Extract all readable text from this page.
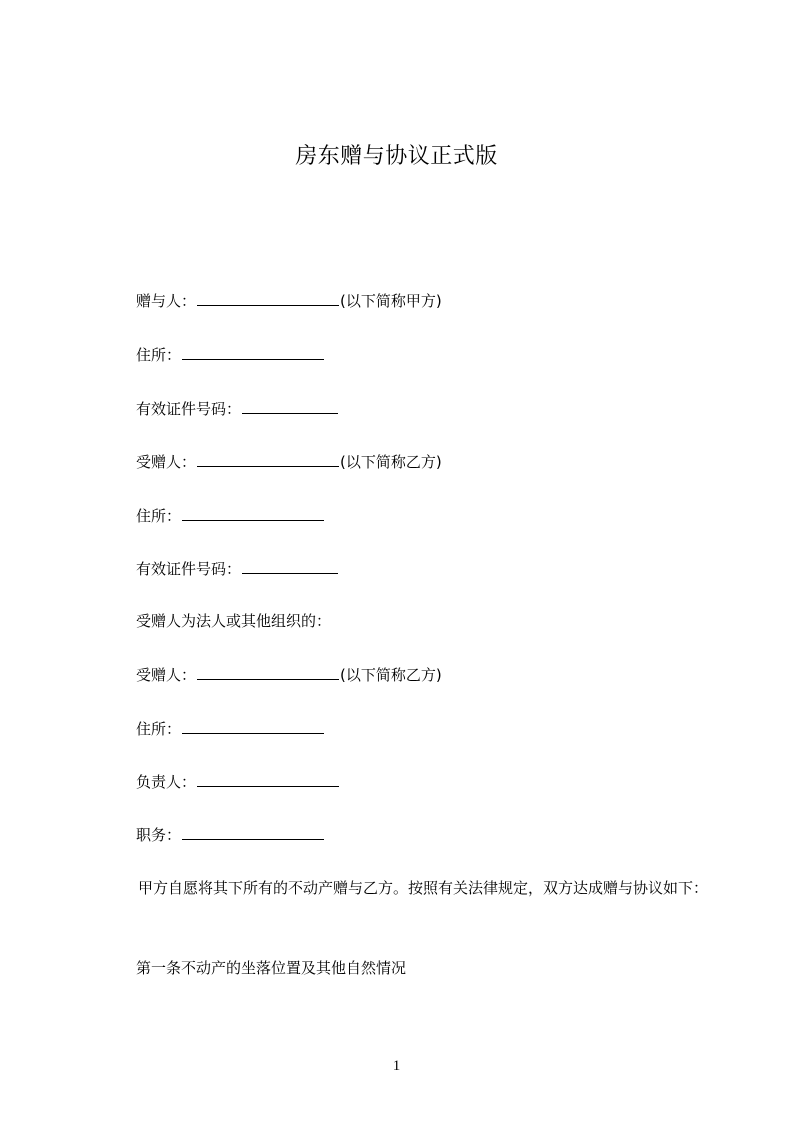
房东赠与协议正式版
赠与人：	(以下简称甲方)
住所：
有效证件号码：
受赠人：	(以下简称乙方)
住所：
有效证件号码：
受赠人为法人或其他组织的：
受赠人：	(以下简称乙方)
住所：
负责人：
职务：
甲方自愿将其下所有的不动产赠与乙方。按照有关法律规定，双方达成赠与协议如下：
第一条不动产的坐落位置及其他自然情况
1
